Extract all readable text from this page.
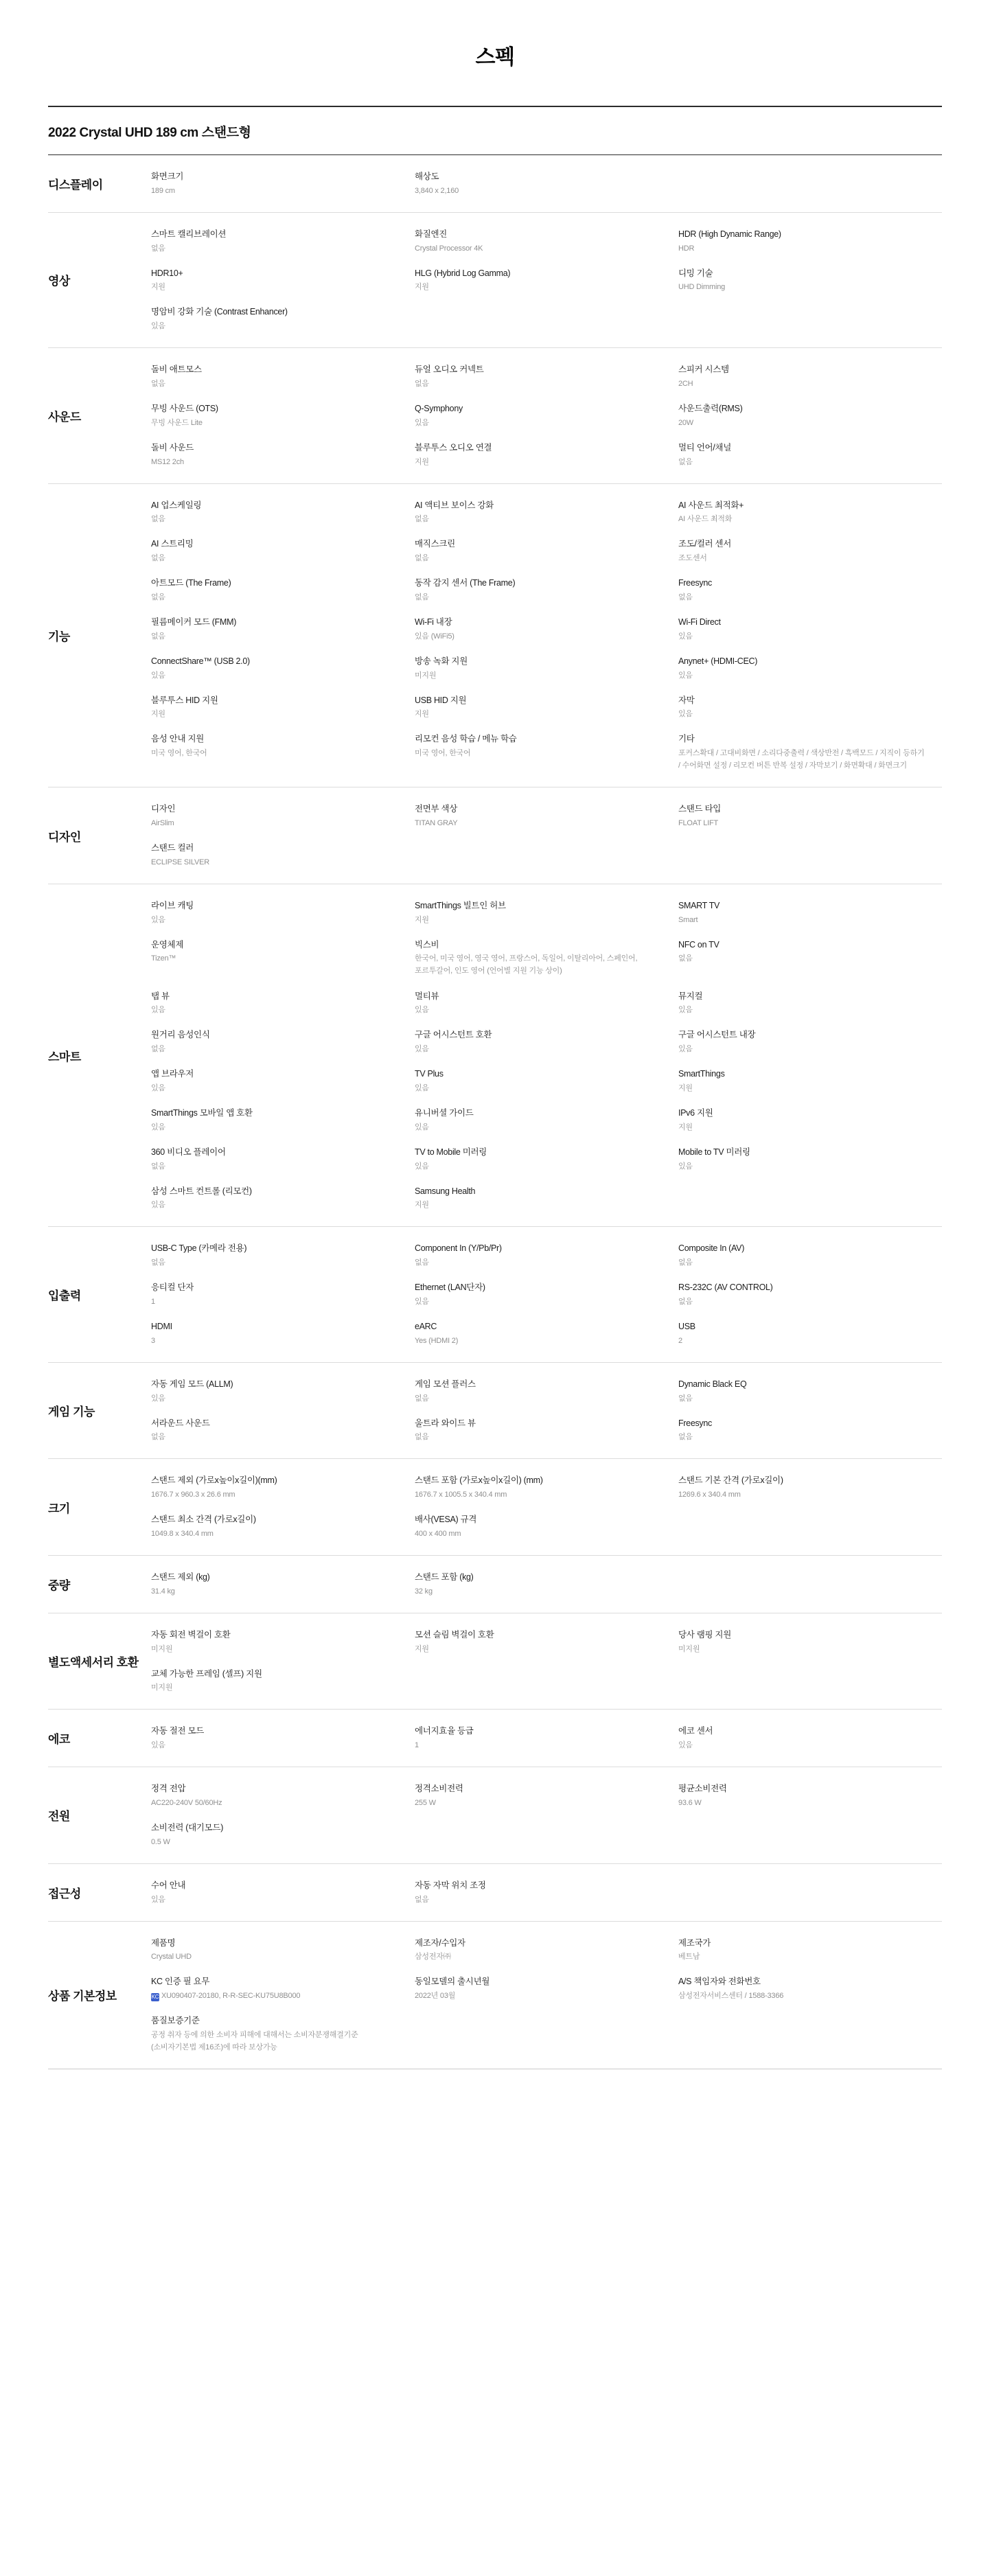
스펙
2022 Crystal UHD 189 cm 스탠드형
디스플레이
화면크기
189 cm
해상도
3,840 x 2,160
영상
스마트 캘리브레이션
없음
화질엔진
Crystal Processor 4K
HDR (High Dynamic Range)
HDR
HDR10+
지원
HLG (Hybrid Log Gamma)
지원
디밍 기술
UHD Dimming
명암비 강화 기술 (Contrast Enhancer)
있음
사운드
돌비 애트모스
없음
듀얼 오디오 커넥트
없음
스피커 시스템
2CH
무빙 사운드 (OTS)
무빙 사운드 Lite
Q-Symphony
있음
사운드출력(RMS)
20W
돌비 사운드
MS12 2ch
블루투스 오디오 연결
지원
멀티 언어/채널
없음
기능
AI 업스케일링
없음
AI 액티브 보이스 강화
없음
AI 사운드 최적화+
AI 사운드 최적화
AI 스트리밍
없음
매직스크린
없음
조도/컬러 센서
조도센서
아트모드 (The Frame)
없음
동작 감지 센서 (The Frame)
없음
Freesync
없음
필름메이커 모드 (FMM)
없음
Wi-Fi 내장
있음 (WiFi5)
Wi-Fi Direct
있음
ConnectShare™ (USB 2.0)
있음
방송 녹화 지원
미지원
Anynet+ (HDMI-CEC)
있음
블루투스 HID 지원
지원
USB HID 지원
지원
자막
있음
음성 안내 지원
미국 영어, 한국어
리모컨 음성 학습 / 메뉴 학습
미국 영어, 한국어
기타
포커스확대 / 고대비화면 / 소리다중출력 / 색상반전 / 흑백모드 / 지직이 등하기 / 수어화면 설정 / 리모컨 버튼 반복 설정 / 자막보기 / 화면확대 / 화면크기
디자인
디자인
AirSlim
전면부 색상
TITAN GRAY
스탠드 타입
FLOAT LIFT
스탠드 컬러
ECLIPSE SILVER
스마트
라이브 캐팅
있음
SmartThings 빌트인 허브
지원
SMART TV
Smart
운영체제
Tizen™
빅스비
한국어, 미국 영어, 영국 영어, 프랑스어, 독일어, 이탈리아어, 스페인어, 포르투갈어, 인도 영어 (언어별 지원 기능 상이)
NFC on TV
없음
탭 뷰
있음
멀티뷰
있음
뮤지컬
있음
원거리 음성인식
없음
구글 어시스턴트 호환
있음
구글 어시스턴트 내장
있음
앱 브라우저
있음
TV Plus
있음
SmartThings
지원
SmartThings 모바일 앱 호환
있음
유니버셜 가이드
있음
IPv6 지원
지원
360 비디오 플레이어
없음
TV to Mobile 미러링
있음
Mobile to TV 미러링
있음
삼성 스마트 컨트롤 (리모컨)
있음
Samsung Health
지원
입출력
USB-C Type (카메라 전용)
없음
Component In (Y/Pb/Pr)
없음
Composite In (AV)
없음
응티컬 단자
1
Ethernet (LAN단자)
있음
RS-232C (AV CONTROL)
없음
HDMI
3
eARC
Yes (HDMI 2)
USB
2
게임 기능
자동 게임 모드 (ALLM)
있음
게임 모션 플러스
없음
Dynamic Black EQ
없음
서라운드 사운드
없음
울트라 와이드 뷰
없음
Freesync
없음
크기
스탠드 제외 (가로x높이x길이)(mm)
1676.7 x 960.3 x 26.6 mm
스탠드 포함 (가로x높이x길이) (mm)
1676.7 x 1005.5 x 340.4 mm
스탠드 기본 간격 (가로x길이)
1269.6 x 340.4 mm
스탠드 최소 간격 (가로x길이)
1049.8 x 340.4 mm
배사(VESA) 규격
400 x 400 mm
중량
스탠드 제외 (kg)
31.4 kg
스탠드 포함 (kg)
32 kg
별도액세서리 호환
자동 회전 벽걸이 호환
미지원
모션 슬림 벽걸이 호환
지원
당사 램핑 지원
미지원
교체 가능한 프레임 (셀프) 지원
미지원
에코
자동 절전 모드
있음
에너지효율 등급
1
에코 센서
있음
전원
정격 전압
AC220-240V 50/60Hz
정격소비전력
255 W
평균소비전력
93.6 W
소비전력 (대기모드)
0.5 W
접근성
수어 안내
있음
자동 자막 위치 조정
없음
상품 기본정보
제품명
Crystal UHD
제조자/수입자
삼성전자㈜
제조국가
베트남
KC 인증 필 요무
KC XU090407-20180, R-R-SEC-KU75U8B000
동일모델의 출시년월
2022년 03월
A/S 책임자와 전화번호
삼성전자서비스센터 / 1588-3366
품질보증기준
공정 취자 등에 의한 소비자 피해에 대해서는 소비자분쟁해결기준(소비자기본법 제16조)에 따라 보상가능
